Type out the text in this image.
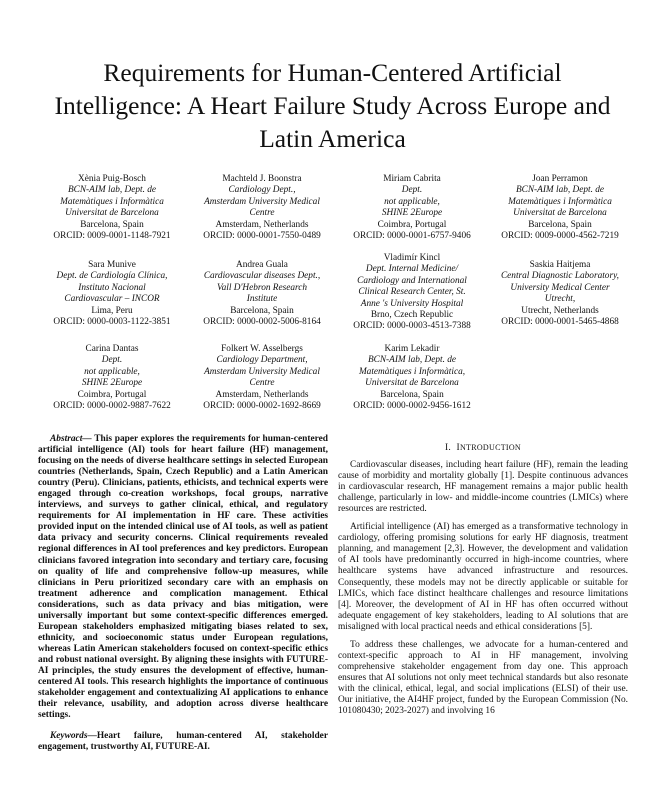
Requirements for Human-Centered Artificial Intelligence: A Heart Failure Study Across Europe and Latin America
Xènia Puig-Bosch
BCN-AIM lab, Dept. de
Matemàtiques i Informàtica
Universitat de Barcelona
Barcelona, Spain
ORCID: 0009-0001-1148-7921
Machteld J. Boonstra
Cardiology Dept.,
Amsterdam University Medical
Centre
Amsterdam, Netherlands
ORCID: 0000-0001-7550-0489
Miriam Cabrita
Dept.
not applicable,
SHINE 2Europe
Coimbra, Portugal
ORCID: 0000-0001-6757-9406
Joan Perramon
BCN-AIM lab, Dept. de
Matemàtiques i Informàtica
Universitat de Barcelona
Barcelona, Spain
ORCID: 0009-0000-4562-7219
Sara Munive
Dept. de Cardiología Clínica,
Instituto Nacional
Cardiovascular – INCOR
Lima, Peru
ORCID: 0000-0003-1122-3851
Andrea Guala
Cardiovascular diseases Dept.,
Vall D'Hebron Research
Institute
Barcelona, Spain
ORCID: 0000-0002-5006-8164
Vladimír Kincl
Dept. Internal Medicine/
Cardiology and International
Clinical Research Center, St.
Anne 's University Hospital
Brno, Czech Republic
ORCID: 0000-0003-4513-7388
Saskia Haitjema
Central Diagnostic Laboratory,
University Medical Center
Utrecht,
Utrecht, Netherlands
ORCID: 0000-0001-5465-4868
Carina Dantas
Dept.
not applicable,
SHINE 2Europe
Coimbra, Portugal
ORCID: 0000-0002-9887-7622
Folkert W. Asselbergs
Cardiology Department,
Amsterdam University Medical
Centre
Amsterdam, Netherlands
ORCID: 0000-0002-1692-8669
Karim Lekadir
BCN-AIM lab, Dept. de
Matemàtiques i Informàtica,
Universitat de Barcelona
Barcelona, Spain
ORCID: 0000-0002-9456-1612

Abstract— This paper explores the requirements for human-centered artificial intelligence (AI) tools for heart failure (HF) management, focusing on the needs of diverse healthcare settings in selected European countries (Netherlands, Spain, Czech Republic) and a Latin American country (Peru). Clinicians, patients, ethicists, and technical experts were engaged through co-creation workshops, focal groups, narrative interviews, and surveys to gather clinical, ethical, and regulatory requirements for AI implementation in HF care. These activities provided input on the intended clinical use of AI tools, as well as patient data privacy and security concerns. Clinical requirements revealed regional differences in AI tool preferences and key predictors. European clinicians favored integration into secondary and tertiary care, focusing on quality of life and comprehensive follow-up measures, while clinicians in Peru prioritized secondary care with an emphasis on treatment adherence and complication management. Ethical considerations, such as data privacy and bias mitigation, were universally important but some context-specific differences emerged. European stakeholders emphasized mitigating biases related to sex, ethnicity, and socioeconomic status under European regulations, whereas Latin American stakeholders focused on context-specific ethics and robust national oversight. By aligning these insights with FUTURE-AI principles, the study ensures the development of effective, human-centered AI tools. This research highlights the importance of continuous stakeholder engagement and contextualizing AI applications to enhance their relevance, usability, and adoption across diverse healthcare settings.

Keywords—Heart failure, human-centered AI, stakeholder engagement, trustworthy AI, FUTURE-AI.

I. INTRODUCTION

Cardiovascular diseases, including heart failure (HF), remain the leading cause of morbidity and mortality globally [1]. Despite continuous advances in cardiovascular research, HF management remains a major public health challenge, particularly in low- and middle-income countries (LMICs) where resources are restricted.

Artificial intelligence (AI) has emerged as a transformative technology in cardiology, offering promising solutions for early HF diagnosis, treatment planning, and management [2,3]. However, the development and validation of AI tools have predominantly occurred in high-income countries, where healthcare systems have advanced infrastructure and resources. Consequently, these models may not be directly applicable or suitable for LMICs, which face distinct healthcare challenges and resource limitations [4]. Moreover, the development of AI in HF has often occurred without adequate engagement of key stakeholders, leading to AI solutions that are misaligned with local practical needs and ethical considerations [5].

To address these challenges, we advocate for a human-centered and context-specific approach to AI in HF management, involving comprehensive stakeholder engagement from day one. This approach ensures that AI solutions not only meet technical standards but also resonate with the clinical, ethical, legal, and social implications (ELSI) of their use. Our initiative, the AI4HF project, funded by the European Commission (No. 101080430; 2023-2027) and involving 16
